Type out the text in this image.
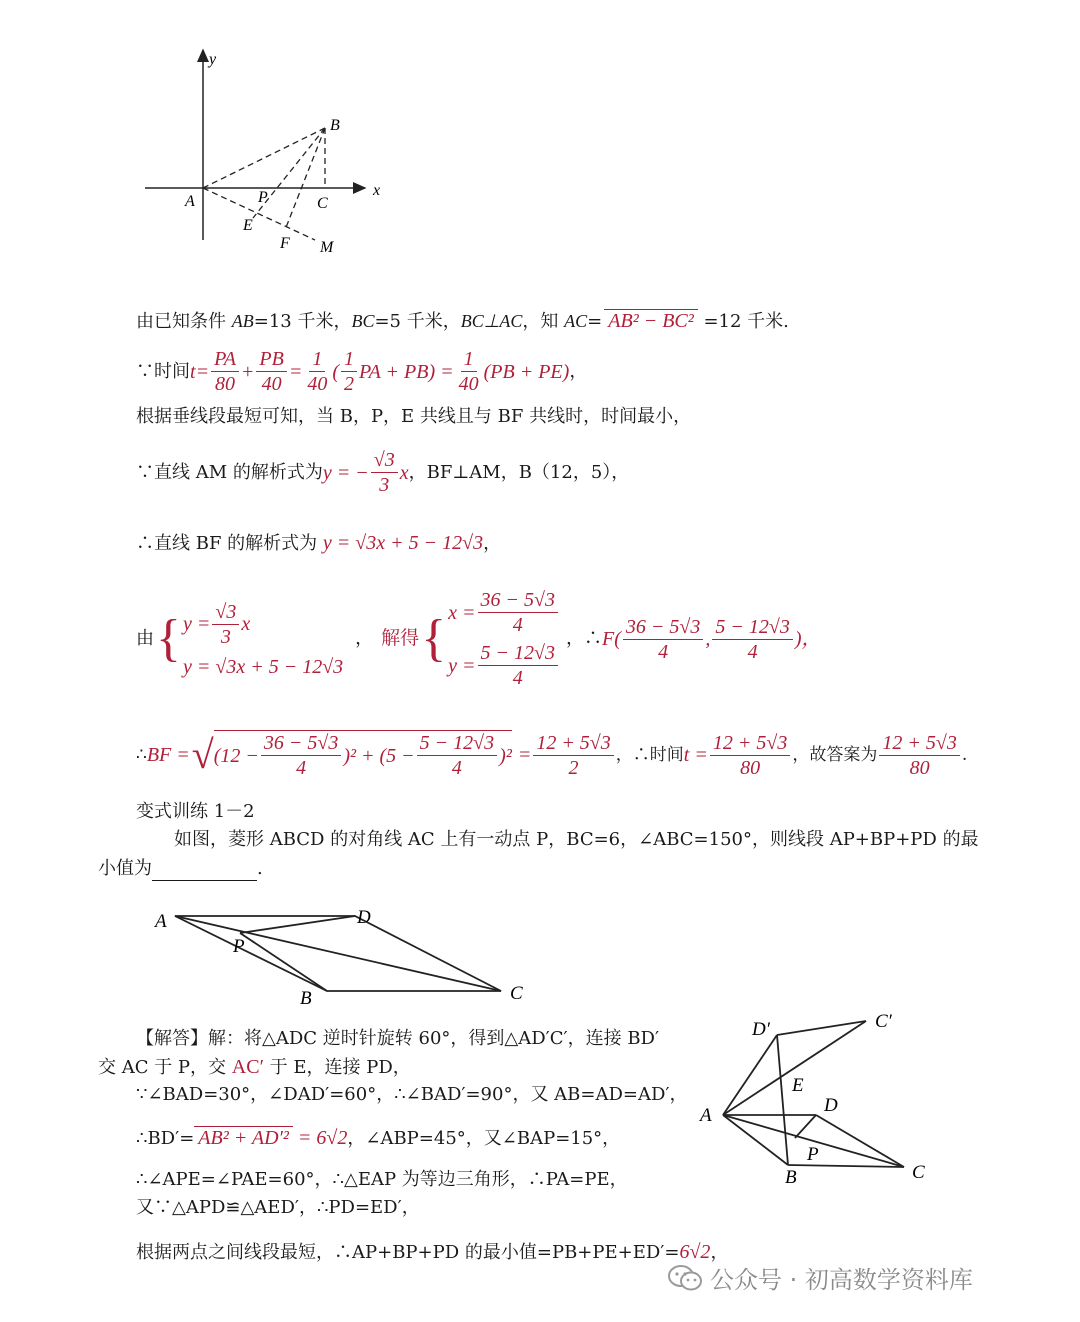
y
x
A
B
C
P
E
F M
由已知条件 AB=13 千米，BC=5 千米，BC⊥AC，知 AC= AB² − BC² =12 千米.
∵时间 $t = \frac{PA}{80} + \frac{PB}{40} = \frac{1}{40}$ ( $\frac{1}{2}$ PA + $PB) = \frac{1}{40} (PB + PE)$ ，
根据垂线段最短可知，当 B，P，E 共线且与 BF 共线时，时间最小，
∵直线 AM 的解析式为 y = − $\frac{√3}{3}$ x ，BF⊥AM，B（12，5），
∴直线 BF 的解析式为 y = √3x + 5 − 12√3，
由 { $y = \frac{√3}{3}$ x
y = √3x + 5 − 12√3
， 解得 { $x = \frac{36 - 5√3}{4}$
$y = \frac{5 - 12√3}{4}$
，∴ $F( \frac{36 - 5√3}{4}$ , $\frac{5 - 12√3}{4}$ )，
∴ BF = √ $(12 - \frac{36 - 5√3}{4} )^2 + (5 - \frac{5 - 12√3}{4} )^2 = \frac{12 + 5√3}{2}$ ，∴时间 $t = \frac{12 + 5√3}{80}$ ，故答案为 $\frac{12 + 5√3}{80}$ .
变式训练 1－2
如图，菱形 ABCD 的对角线 AC 上有一动点 P，BC=6，∠ABC=150°，则线段 AP+BP+PD 的最
小值为	.
A	D
P
B	C
【解答】解：将△ADC 逆时针旋转 60°，得到△AD′C′，连接 BD′
交 AC 于 P，交 AC′ 于 E，连接 PD，
∵∠BAD=30°，∠DAD′=60°，∴∠BAD′=90°，又 AB=AD=AD′，
∴BD′= AB² + AD′² = 6√2，∠ABP=45°，又∠BAP=15°，
∴∠APE=∠PAE=60°，∴△EAP 为等边三角形，∴PA=PE，
又∵△APD≌△AED′，∴PD=ED′，
根据两点之间线段最短，∴AP+BP+PD 的最小值=PB+PE+ED′=6√2，
D′	C′
E
A	D
P
B	C
公众号 · 初高数学资料库
